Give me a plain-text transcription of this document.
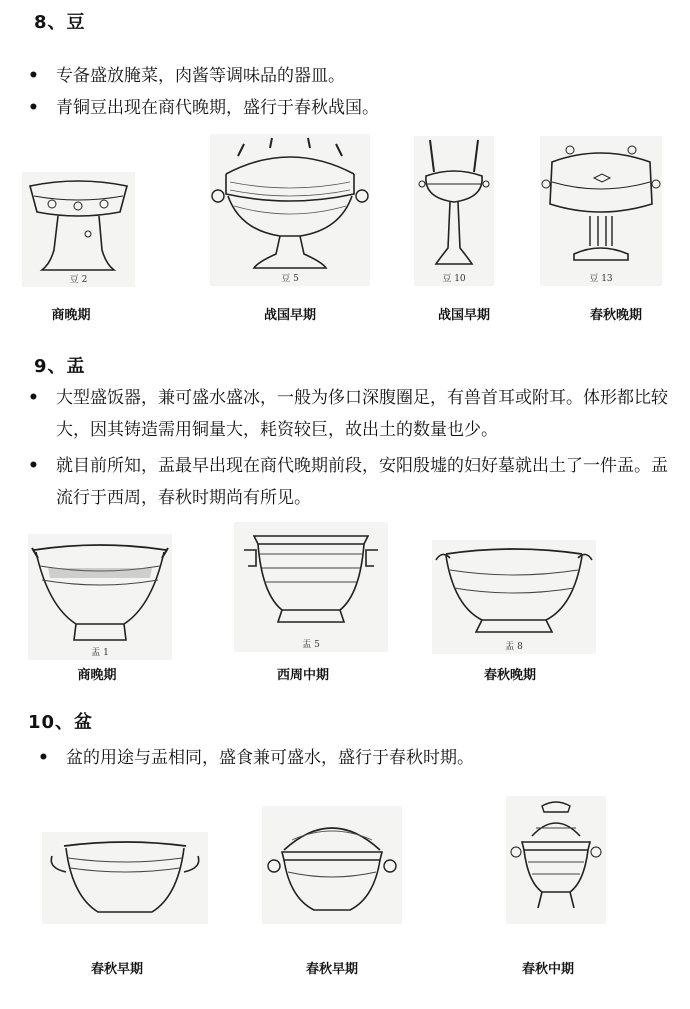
8、豆
•	专备盛放腌菜，肉酱等调味品的器皿。
•	青铜豆出现在商代晚期，盛行于春秋战国。
豆 2
商晚期
豆 5
战国早期
豆 10
战国早期
豆 13
春秋晚期
9、盂
•	大型盛饭器，兼可盛水盛冰，一般为侈口深腹圈足，有兽首耳或附耳。体形都比较大，因其铸造需用铜量大，耗资较巨，故出土的数量也少。
•	就目前所知，盂最早出现在商代晚期前段，安阳殷墟的妇好墓就出土了一件盂。盂流行于西周，春秋时期尚有所见。
盂 1
商晚期
盂 5
西周中期
盂 8
春秋晚期
10、盆
•	盆的用途与盂相同，盛食兼可盛水，盛行于春秋时期。
春秋早期	春秋早期	春秋中期
